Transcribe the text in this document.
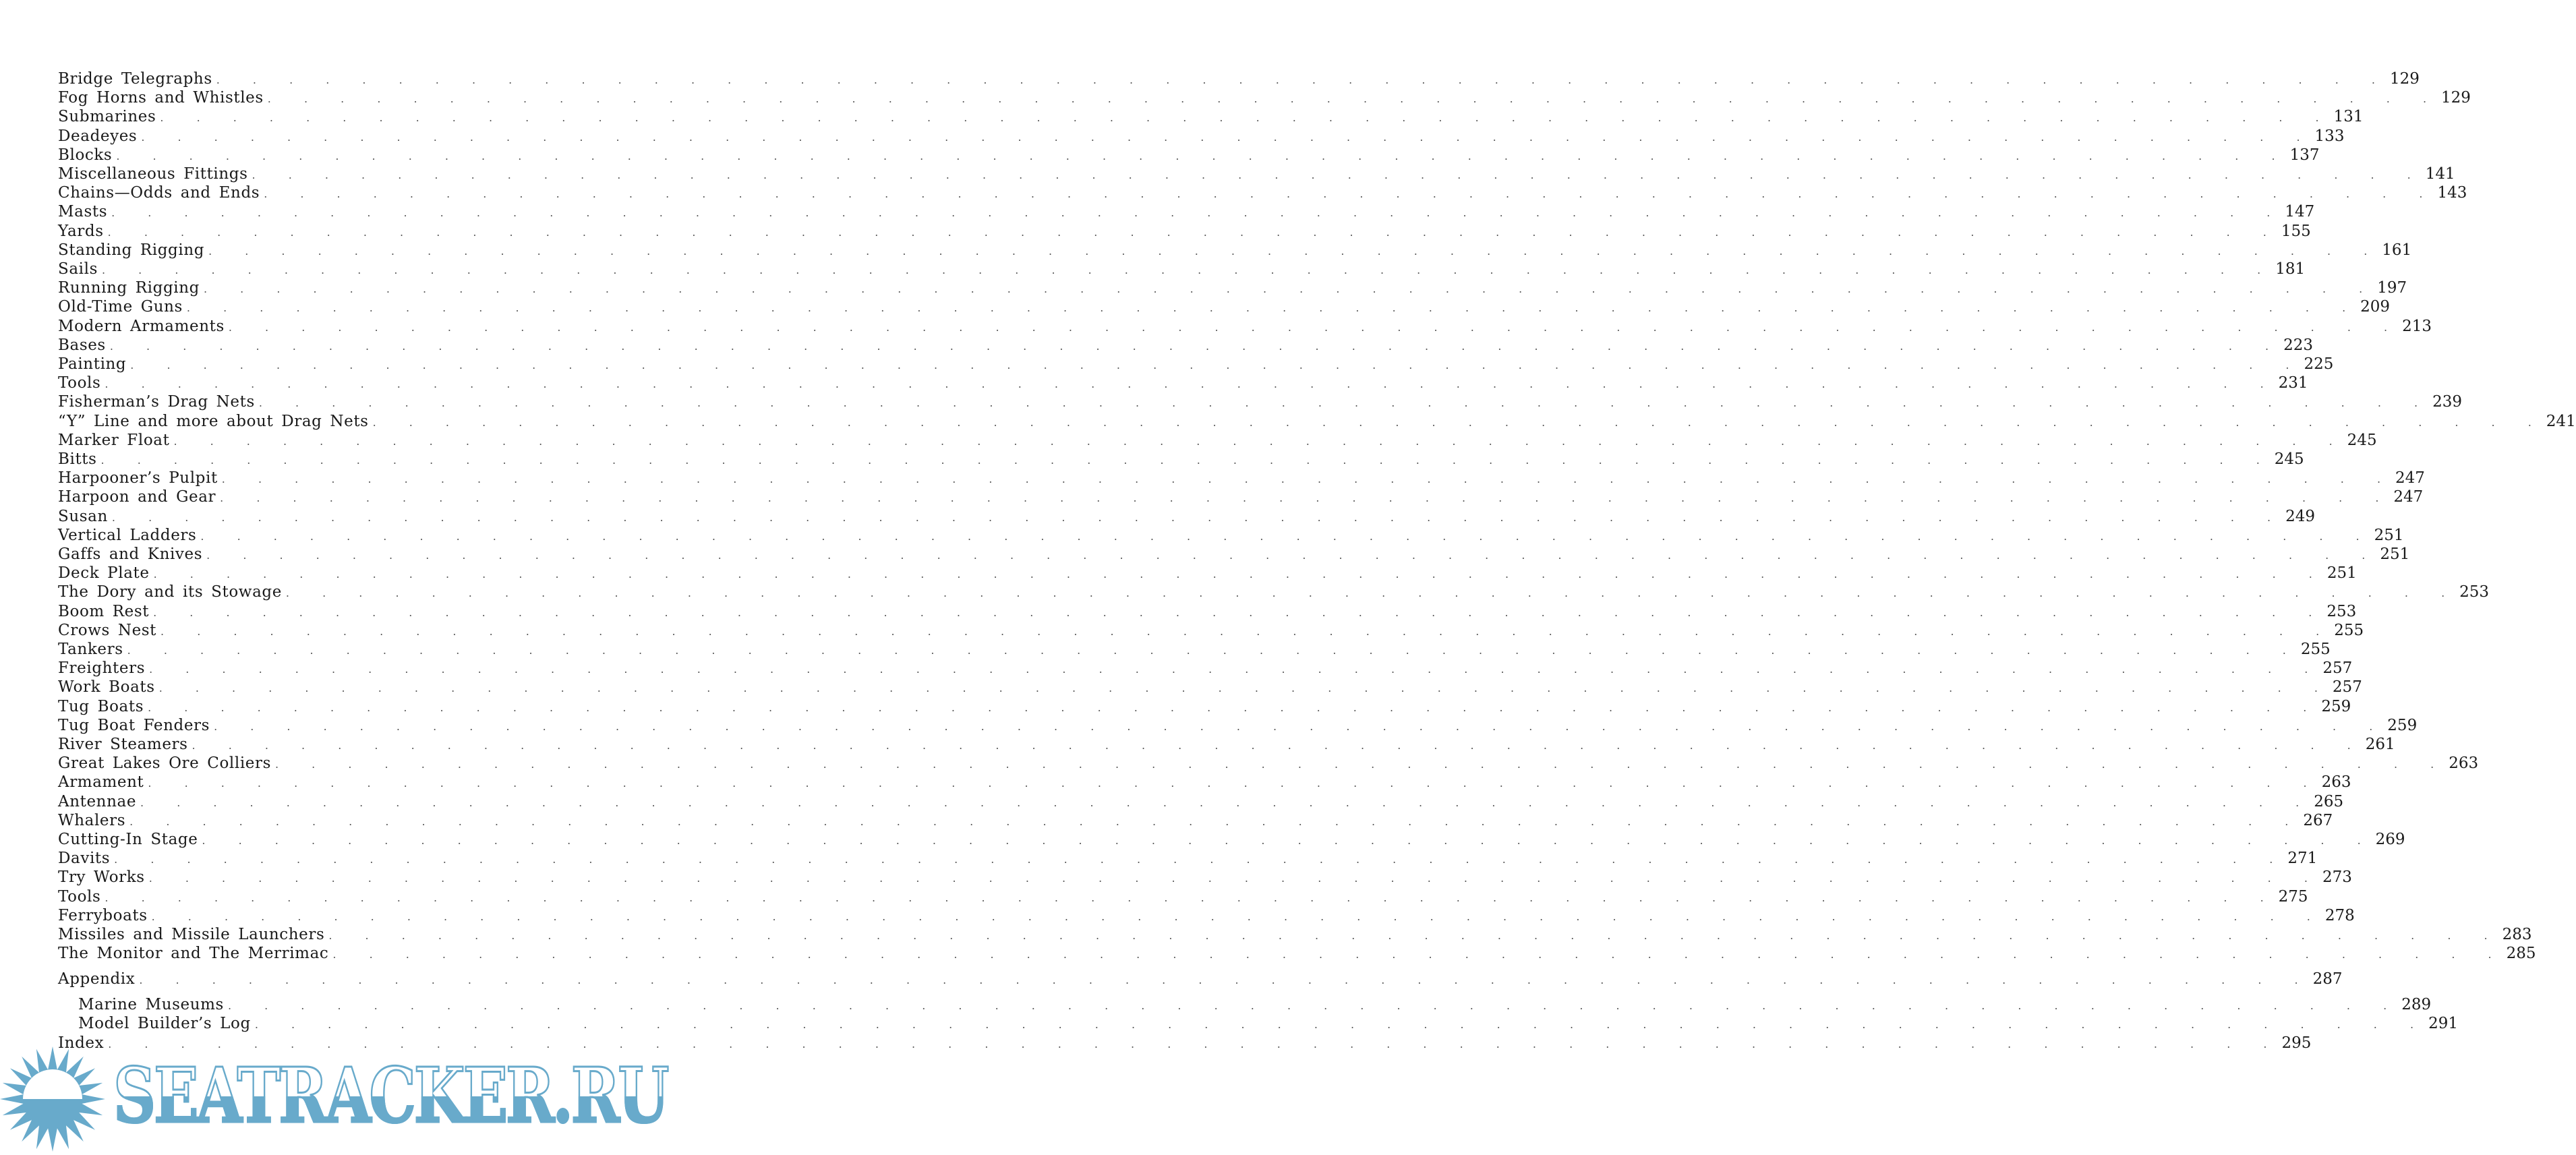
Bridge Telegraphs . . . . . . . . . . . . . . . . . . . . . . . . . . . . . . . . . . . . . . . . . . . . . . . . . . . . . . . . . . . . 129
Fog Horns and Whistles . . . . . . . . . . . . . . . . . . . . . . . . . . . . . . . . . . . . . . . . . . . . . . . . . . . . . . . . . . . . 129
Submarines . . . . . . . . . . . . . . . . . . . . . . . . . . . . . . . . . . . . . . . . . . . . . . . . . . . . . . . . . . . . 131
Deadeyes . . . . . . . . . . . . . . . . . . . . . . . . . . . . . . . . . . . . . . . . . . . . . . . . . . . . . . . . . . . . 133
Blocks . . . . . . . . . . . . . . . . . . . . . . . . . . . . . . . . . . . . . . . . . . . . . . . . . . . . . . . . . . . . 137
Miscellaneous Fittings . . . . . . . . . . . . . . . . . . . . . . . . . . . . . . . . . . . . . . . . . . . . . . . . . . . . . . . . . . . . 141
Chains—Odds and Ends . . . . . . . . . . . . . . . . . . . . . . . . . . . . . . . . . . . . . . . . . . . . . . . . . . . . . . . . . . . . 143
Masts . . . . . . . . . . . . . . . . . . . . . . . . . . . . . . . . . . . . . . . . . . . . . . . . . . . . . . . . . . . . 147
Yards . . . . . . . . . . . . . . . . . . . . . . . . . . . . . . . . . . . . . . . . . . . . . . . . . . . . . . . . . . . . 155
Standing Rigging . . . . . . . . . . . . . . . . . . . . . . . . . . . . . . . . . . . . . . . . . . . . . . . . . . . . . . . . . . . . 161
Sails . . . . . . . . . . . . . . . . . . . . . . . . . . . . . . . . . . . . . . . . . . . . . . . . . . . . . . . . . . . . 181
Running Rigging . . . . . . . . . . . . . . . . . . . . . . . . . . . . . . . . . . . . . . . . . . . . . . . . . . . . . . . . . . . . 197
Old-Time Guns . . . . . . . . . . . . . . . . . . . . . . . . . . . . . . . . . . . . . . . . . . . . . . . . . . . . . . . . . . . . 209
Modern Armaments . . . . . . . . . . . . . . . . . . . . . . . . . . . . . . . . . . . . . . . . . . . . . . . . . . . . . . . . . . . . 213
Bases . . . . . . . . . . . . . . . . . . . . . . . . . . . . . . . . . . . . . . . . . . . . . . . . . . . . . . . . . . . . 223
Painting . . . . . . . . . . . . . . . . . . . . . . . . . . . . . . . . . . . . . . . . . . . . . . . . . . . . . . . . . . . . 225
Tools . . . . . . . . . . . . . . . . . . . . . . . . . . . . . . . . . . . . . . . . . . . . . . . . . . . . . . . . . . . . 231
Fisherman’s Drag Nets . . . . . . . . . . . . . . . . . . . . . . . . . . . . . . . . . . . . . . . . . . . . . . . . . . . . . . . . . . . . 239
“Y” Line and more about Drag Nets . . . . . . . . . . . . . . . . . . . . . . . . . . . . . . . . . . . . . . . . . . . . . . . . . . . . . . . . . . . . 241
Marker Float . . . . . . . . . . . . . . . . . . . . . . . . . . . . . . . . . . . . . . . . . . . . . . . . . . . . . . . . . . . . 245
Bitts . . . . . . . . . . . . . . . . . . . . . . . . . . . . . . . . . . . . . . . . . . . . . . . . . . . . . . . . . . . . 245
Harpooner’s Pulpit . . . . . . . . . . . . . . . . . . . . . . . . . . . . . . . . . . . . . . . . . . . . . . . . . . . . . . . . . . . . 247
Harpoon and Gear . . . . . . . . . . . . . . . . . . . . . . . . . . . . . . . . . . . . . . . . . . . . . . . . . . . . . . . . . . . . 247
Susan . . . . . . . . . . . . . . . . . . . . . . . . . . . . . . . . . . . . . . . . . . . . . . . . . . . . . . . . . . . . 249
Vertical Ladders . . . . . . . . . . . . . . . . . . . . . . . . . . . . . . . . . . . . . . . . . . . . . . . . . . . . . . . . . . . . 251
Gaffs and Knives . . . . . . . . . . . . . . . . . . . . . . . . . . . . . . . . . . . . . . . . . . . . . . . . . . . . . . . . . . . . 251
Deck Plate . . . . . . . . . . . . . . . . . . . . . . . . . . . . . . . . . . . . . . . . . . . . . . . . . . . . . . . . . . . . 251
The Dory and its Stowage . . . . . . . . . . . . . . . . . . . . . . . . . . . . . . . . . . . . . . . . . . . . . . . . . . . . . . . . . . . . 253
Boom Rest . . . . . . . . . . . . . . . . . . . . . . . . . . . . . . . . . . . . . . . . . . . . . . . . . . . . . . . . . . . . 253
Crows Nest . . . . . . . . . . . . . . . . . . . . . . . . . . . . . . . . . . . . . . . . . . . . . . . . . . . . . . . . . . . . 255
Tankers . . . . . . . . . . . . . . . . . . . . . . . . . . . . . . . . . . . . . . . . . . . . . . . . . . . . . . . . . . . . 255
Freighters . . . . . . . . . . . . . . . . . . . . . . . . . . . . . . . . . . . . . . . . . . . . . . . . . . . . . . . . . . . . 257
Work Boats . . . . . . . . . . . . . . . . . . . . . . . . . . . . . . . . . . . . . . . . . . . . . . . . . . . . . . . . . . . . 257
Tug Boats . . . . . . . . . . . . . . . . . . . . . . . . . . . . . . . . . . . . . . . . . . . . . . . . . . . . . . . . . . . . 259
Tug Boat Fenders . . . . . . . . . . . . . . . . . . . . . . . . . . . . . . . . . . . . . . . . . . . . . . . . . . . . . . . . . . . . 259
River Steamers . . . . . . . . . . . . . . . . . . . . . . . . . . . . . . . . . . . . . . . . . . . . . . . . . . . . . . . . . . . . 261
Great Lakes Ore Colliers . . . . . . . . . . . . . . . . . . . . . . . . . . . . . . . . . . . . . . . . . . . . . . . . . . . . . . . . . . . . 263
Armament . . . . . . . . . . . . . . . . . . . . . . . . . . . . . . . . . . . . . . . . . . . . . . . . . . . . . . . . . . . . 263
Antennae . . . . . . . . . . . . . . . . . . . . . . . . . . . . . . . . . . . . . . . . . . . . . . . . . . . . . . . . . . . . 265
Whalers . . . . . . . . . . . . . . . . . . . . . . . . . . . . . . . . . . . . . . . . . . . . . . . . . . . . . . . . . . . . 267
Cutting-In Stage . . . . . . . . . . . . . . . . . . . . . . . . . . . . . . . . . . . . . . . . . . . . . . . . . . . . . . . . . . . . 269
Davits . . . . . . . . . . . . . . . . . . . . . . . . . . . . . . . . . . . . . . . . . . . . . . . . . . . . . . . . . . . . 271
Try Works . . . . . . . . . . . . . . . . . . . . . . . . . . . . . . . . . . . . . . . . . . . . . . . . . . . . . . . . . . . . 273
Tools . . . . . . . . . . . . . . . . . . . . . . . . . . . . . . . . . . . . . . . . . . . . . . . . . . . . . . . . . . . . 275
Ferryboats . . . . . . . . . . . . . . . . . . . . . . . . . . . . . . . . . . . . . . . . . . . . . . . . . . . . . . . . . . . . 278
Missiles and Missile Launchers . . . . . . . . . . . . . . . . . . . . . . . . . . . . . . . . . . . . . . . . . . . . . . . . . . . . . . . . . . . . 283
The Monitor and The Merrimac . . . . . . . . . . . . . . . . . . . . . . . . . . . . . . . . . . . . . . . . . . . . . . . . . . . . . . . . . . . . 285
Appendix . . . . . . . . . . . . . . . . . . . . . . . . . . . . . . . . . . . . . . . . . . . . . . . . . . . . . . . . . . . . 287
Marine Museums . . . . . . . . . . . . . . . . . . . . . . . . . . . . . . . . . . . . . . . . . . . . . . . . . . . . . . . . . . . . 289
Model Builder’s Log . . . . . . . . . . . . . . . . . . . . . . . . . . . . . . . . . . . . . . . . . . . . . . . . . . . . . . . . . . . . 291
Index . . . . . . . . . . . . . . . . . . . . . . . . . . . . . . . . . . . . . . . . . . . . . . . . . . . . . . . . . . . . 295
SEATRACKER.RU
